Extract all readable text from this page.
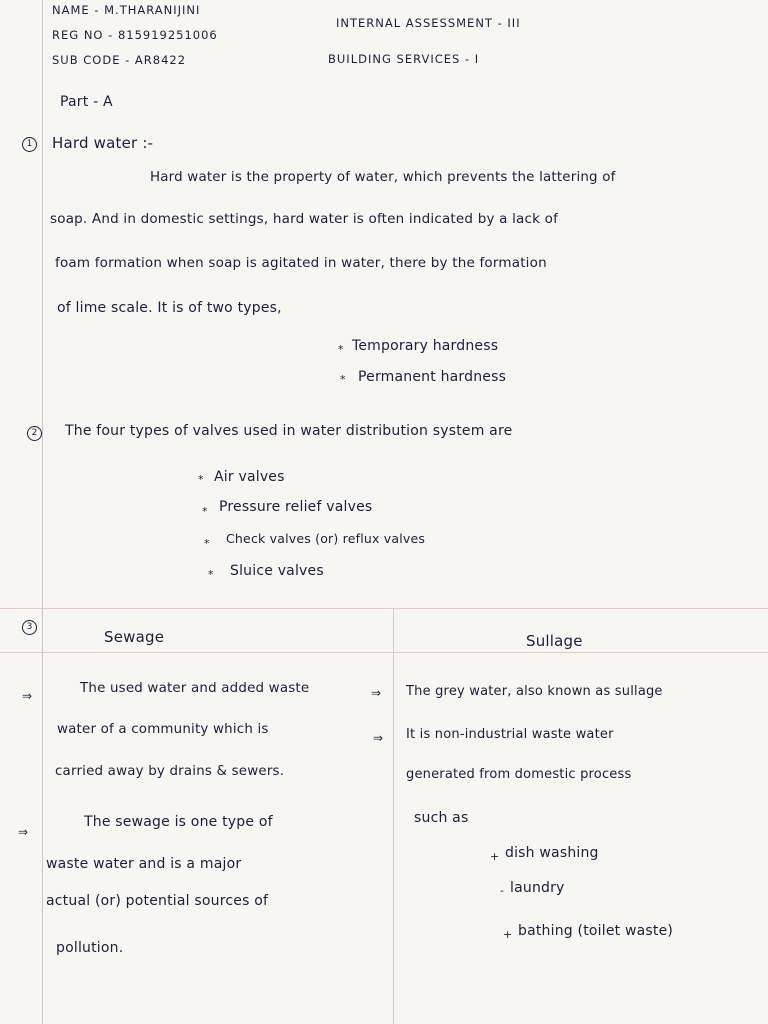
NAME - M.THARANIJINI
REG NO - 815919251006
SUB CODE - AR8422
INTERNAL ASSESSMENT - III
BUILDING SERVICES - I
Part - A
1	Hard water :-
Hard water is the property of water, which prevents the lattering of
soap. And in domestic settings, hard water is often indicated by a lack of
foam formation when soap is agitated in water, there by the formation
of lime scale. It is of two types,
* Temporary hardness
* Permanent hardness
2	The four types of valves used in water distribution system are
* Air valves
* Pressure relief valves
* Check valves (or) reflux valves
* Sluice valves
3
Sewage	Sullage
⇒	The used water and added waste
water of a community which is
carried away by drains & sewers.
⇒
The sewage is one type of
waste water and is a major
actual (or) potential sources of
pollution.
⇒ The grey water, also known as sullage
⇒ It is non-industrial waste water
generated from domestic process
such as
+ dish washing
- laundry
+ bathing (toilet waste)
